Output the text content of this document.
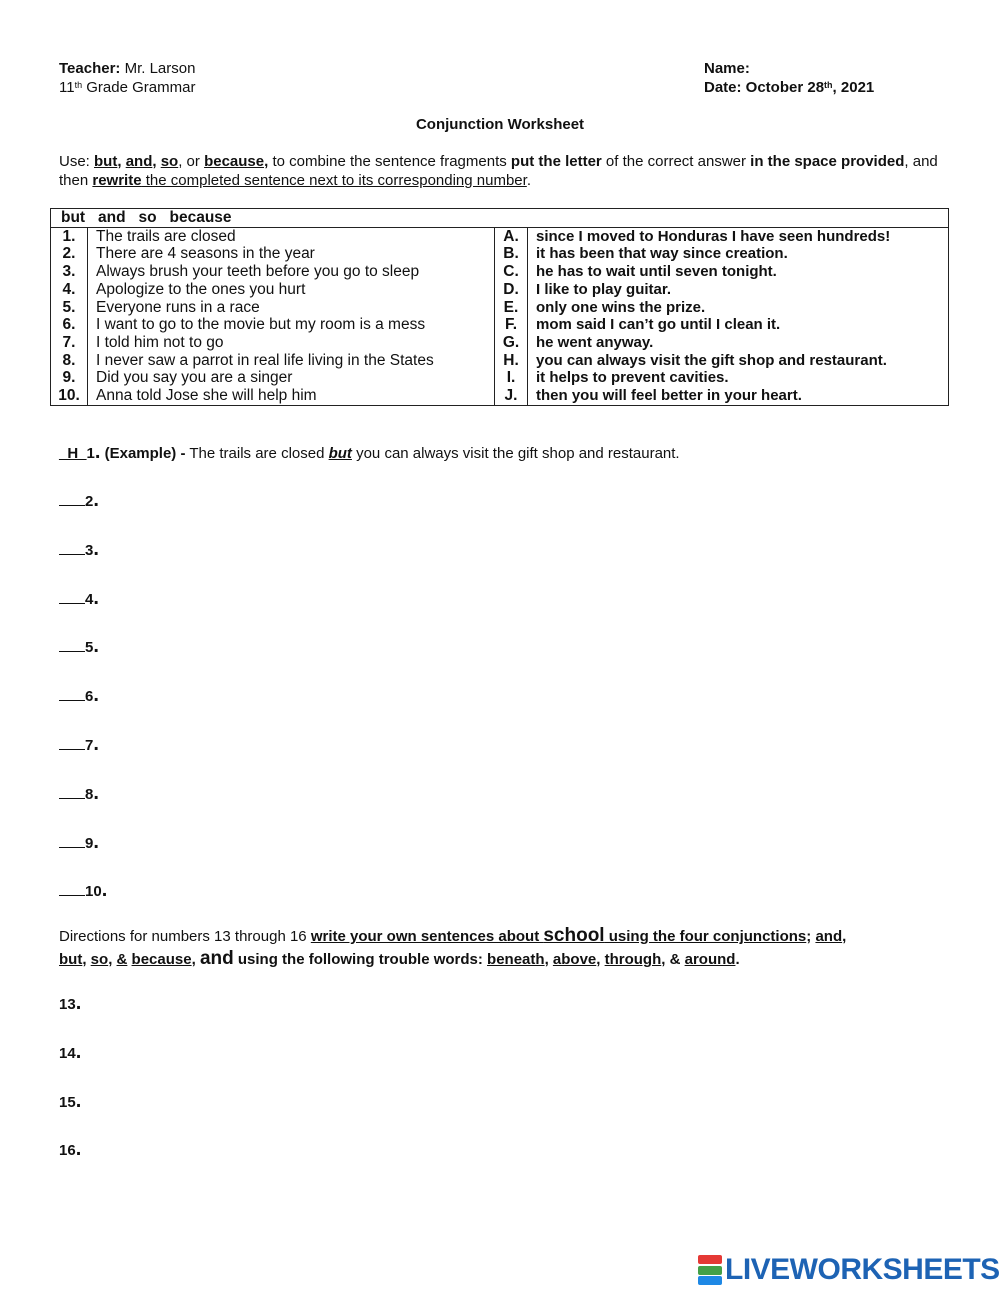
Teacher: Mr. Larson
11th Grade Grammar
Name:
Date: October 28th, 2021
Conjunction Worksheet
Use: but, and, so, or because, to combine the sentence fragments put the letter of the correct answer in the space provided, and then rewrite the completed sentence next to its corresponding number.
but   and   so   because			
1.	The trails are closed	A.	since I moved to Honduras I have seen hundreds!
2.	There are 4 seasons in the year	B.	it has been that way since creation.
3.	Always brush your teeth before you go to sleep	C.	he has to wait until seven tonight.
4.	Apologize to the ones you hurt	D.	I like to play guitar.
5.	Everyone runs in a race	E.	only one wins the prize.
6.	I want to go to the movie but my room is a mess	F.	mom said I can’t go until I clean it.
7.	I told him not to go	G.	he went anyway.
8.	I never saw a parrot in real life living in the States	H.	you can always visit the gift shop and restaurant.
9.	Did you say you are a singer	I.	it helps to prevent cavities.
10.	Anna told Jose she will help him	J.	then you will feel better in your heart.
_H_1. (Example) - The trails are closed but you can always visit the gift shop and restaurant.
2.
3.
4.
5.
6.
7.
8.
9.
10.
Directions for numbers 13 through 16 write your own sentences about school using the four conjunctions; and,
but, so, & because, and using the following trouble words: beneath, above, through, & around.
13.
14.
15.
16.
LIVEWORKSHEETS
